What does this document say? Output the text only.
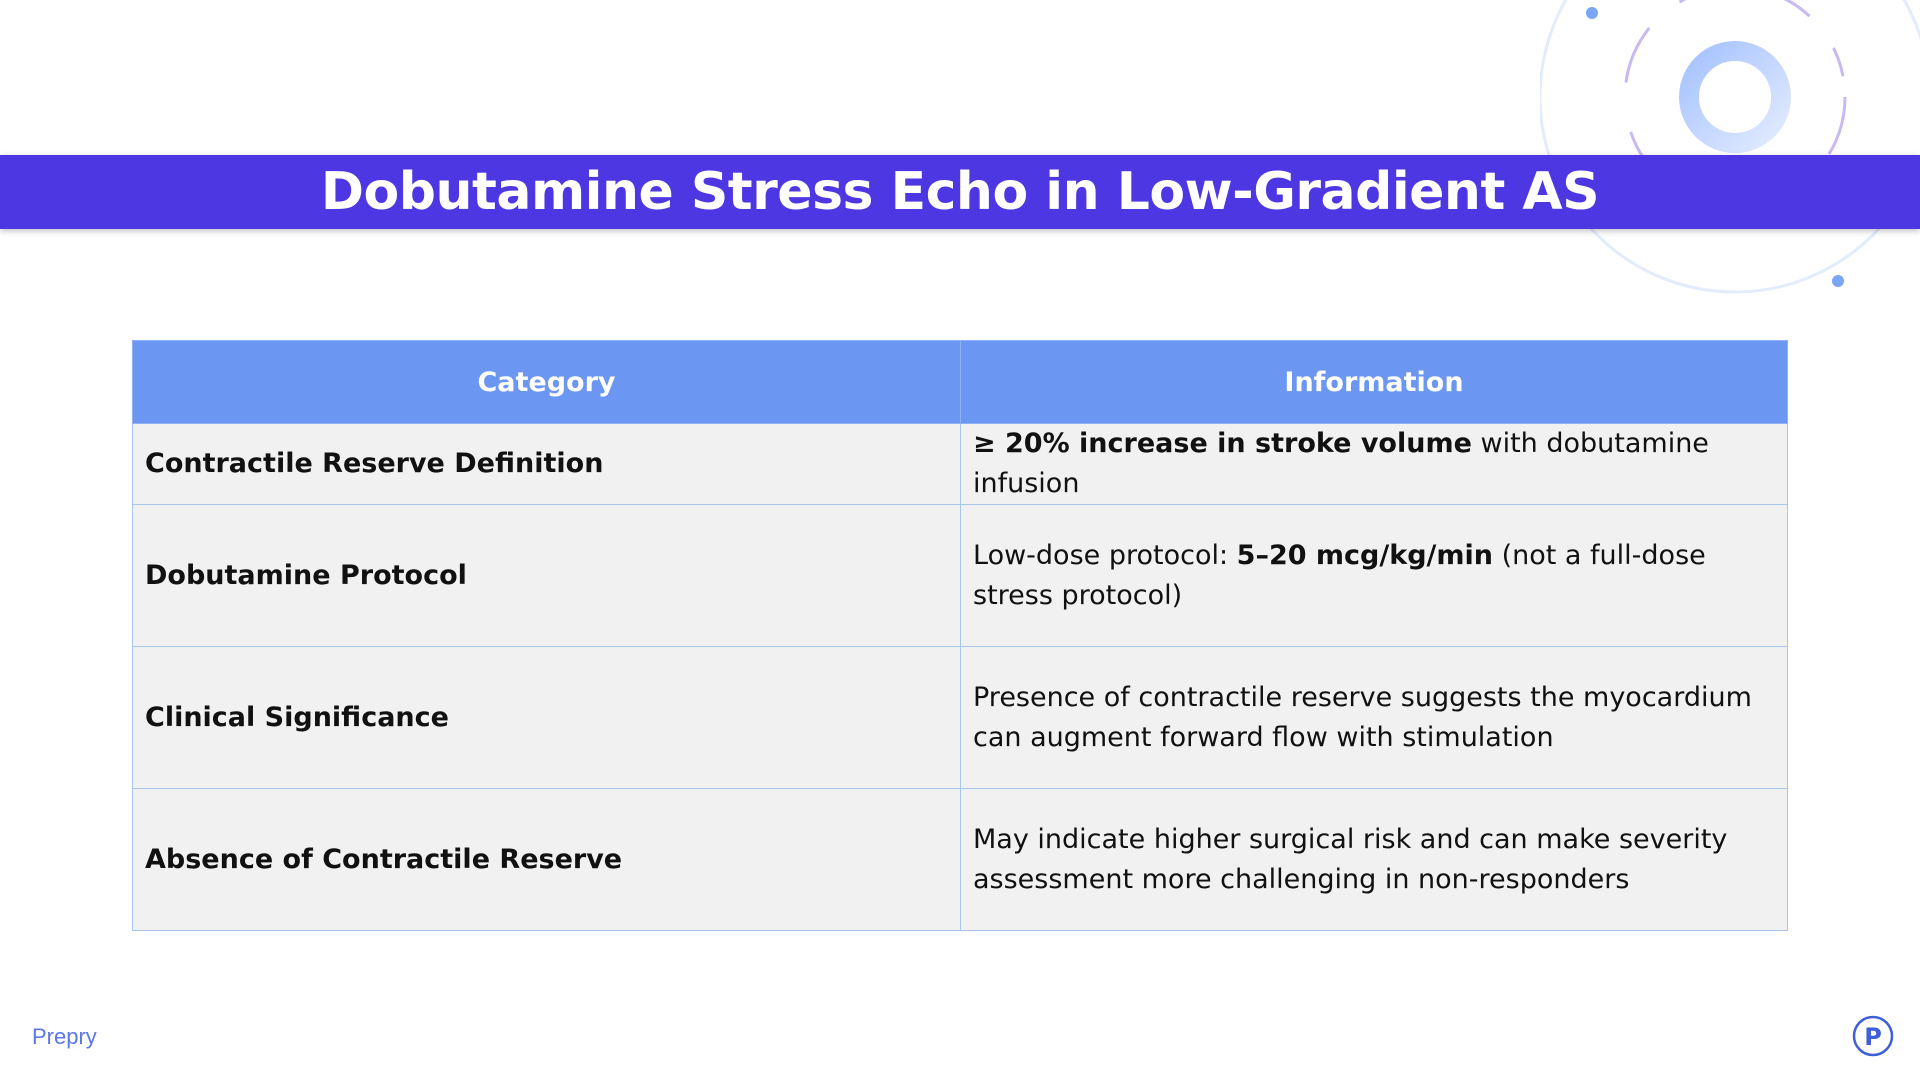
Dobutamine Stress Echo in Low-Gradient AS
Category	Information
Contractile Reserve Definition	≥ 20% increase in stroke volume with dobutamine infusion
Dobutamine Protocol	Low-dose protocol: 5–20 mcg/kg/min (not a full-dose stress protocol)
Clinical Significance	Presence of contractile reserve suggests the myocardium can augment forward flow with stimulation
Absence of Contractile Reserve	May indicate higher surgical risk and can make severity assessment more challenging in non-responders
Prepry	P
